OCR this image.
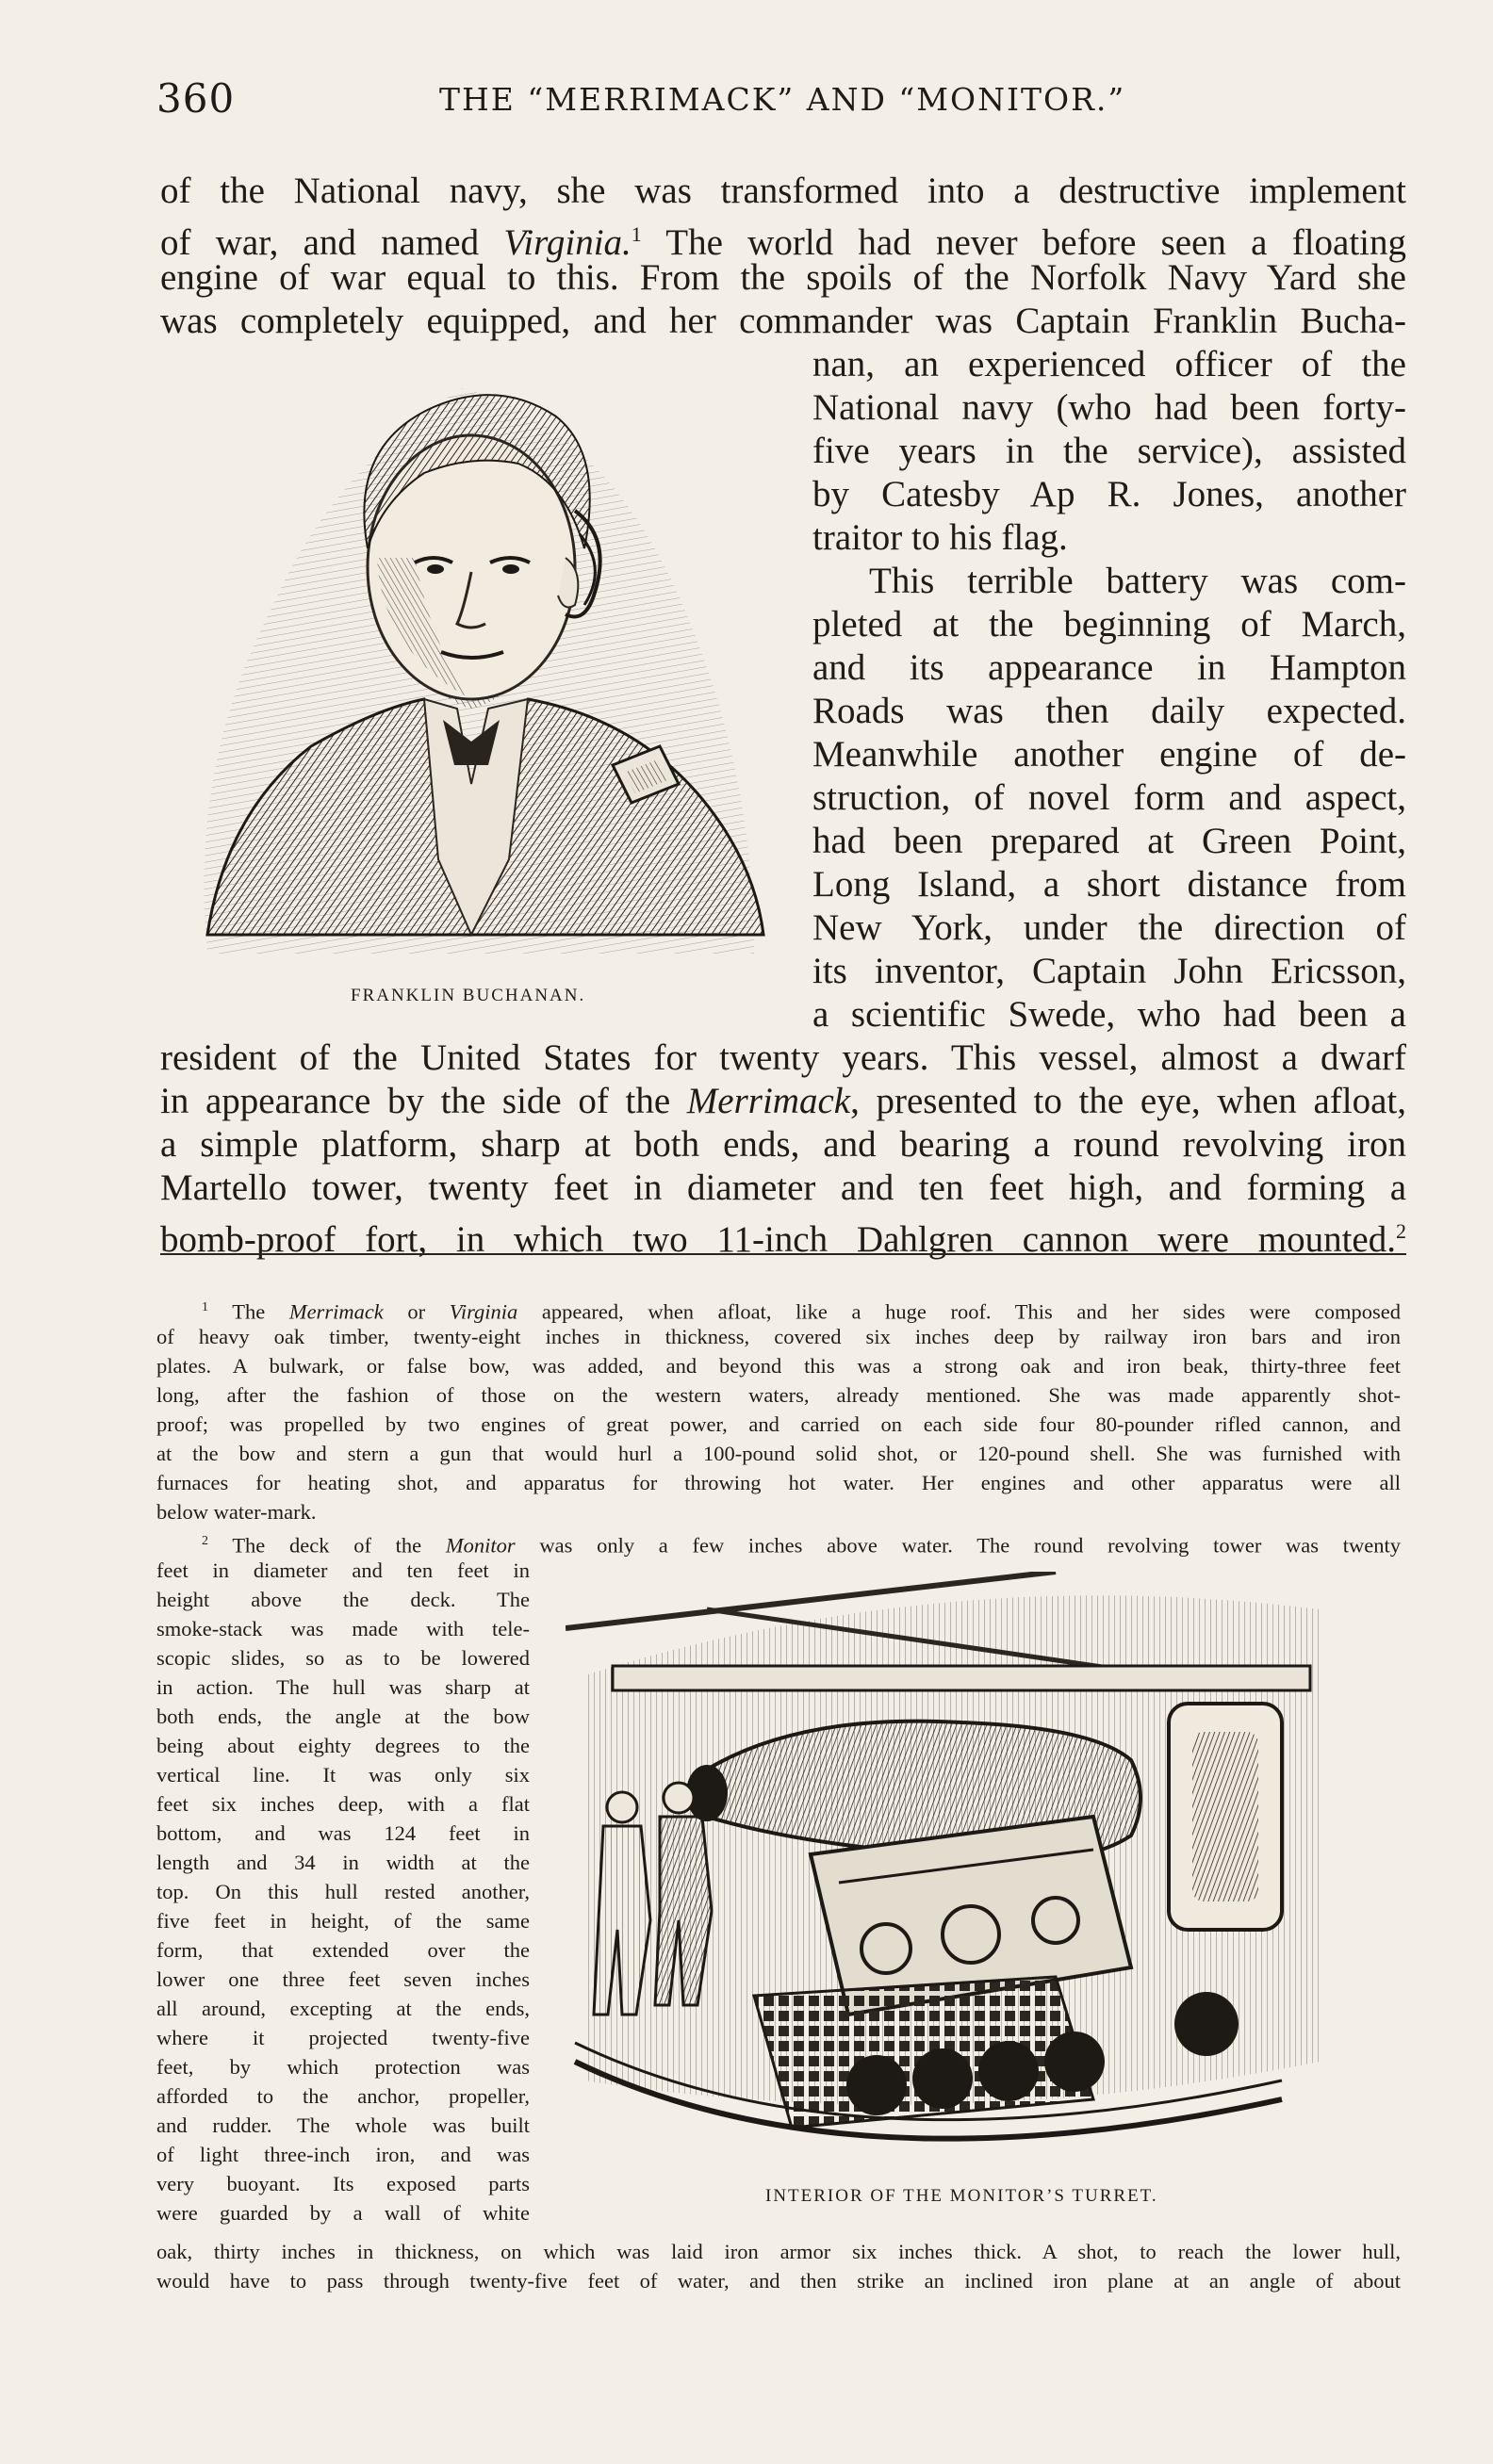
360	THE “MERRIMACK” AND “MONITOR.”

of the National navy, she was transformed into a destructive implement

of war, and named Virginia.$^1$ The world had never before seen a floating

engine of war equal to this. From the spoils of the Norfolk Navy Yard she

was completely equipped, and her commander was Captain Franklin Bucha-

nan, an experienced officer of the

National navy (who had been forty-

five years in the service), assisted

by Catesby Ap R. Jones, another

traitor to his flag.

This terrible battery was com-

pleted at the beginning of March,

and its appearance in Hampton

Roads was then daily expected.

Meanwhile another engine of de-

struction, of novel form and aspect,

had been prepared at Green Point,

Long Island, a short distance from

New York, under the direction of

its inventor, Captain John Ericsson,

a scientific Swede, who had been a

FRANKLIN BUCHANAN.

resident of the United States for twenty years. This vessel, almost a dwarf

in appearance by the side of the Merrimack, presented to the eye, when afloat,

a simple platform, sharp at both ends, and bearing a round revolving iron

Martello tower, twenty feet in diameter and ten feet high, and forming a

bomb-proof fort, in which two 11-inch Dahlgren cannon were mounted.$^2$

$^1$ The Merrimack or Virginia appeared, when afloat, like a huge roof. This and her sides were composed

of heavy oak timber, twenty-eight inches in thickness, covered six inches deep by railway iron bars and iron

plates. A bulwark, or false bow, was added, and beyond this was a strong oak and iron beak, thirty-three feet

long, after the fashion of those on the western waters, already mentioned. She was made apparently shot-

proof; was propelled by two engines of great power, and carried on each side four 80-pounder rifled cannon, and

at the bow and stern a gun that would hurl a 100-pound solid shot, or 120-pound shell. She was furnished with

furnaces for heating shot, and apparatus for throwing hot water. Her engines and other apparatus were all

below water-mark.

$^2$ The deck of the Monitor was only a few inches above water. The round revolving tower was twenty

feet in diameter and ten feet in

height above the deck. The

smoke-stack was made with tele-

scopic slides, so as to be lowered

in action. The hull was sharp at

both ends, the angle at the bow

being about eighty degrees to the

vertical line. It was only six

feet six inches deep, with a flat

bottom, and was 124 feet in

length and 34 in width at the

top. On this hull rested another,

five feet in height, of the same

form, that extended over the

lower one three feet seven inches

all around, excepting at the ends,

where it projected twenty-five

feet, by which protection was

afforded to the anchor, propeller,

and rudder. The whole was built

of light three-inch iron, and was

very buoyant. Its exposed parts

were guarded by a wall of white

INTERIOR OF THE MONITOR’S TURRET.

oak, thirty inches in thickness, on which was laid iron armor six inches thick. A shot, to reach the lower hull,

would have to pass through twenty-five feet of water, and then strike an inclined iron plane at an angle of about
